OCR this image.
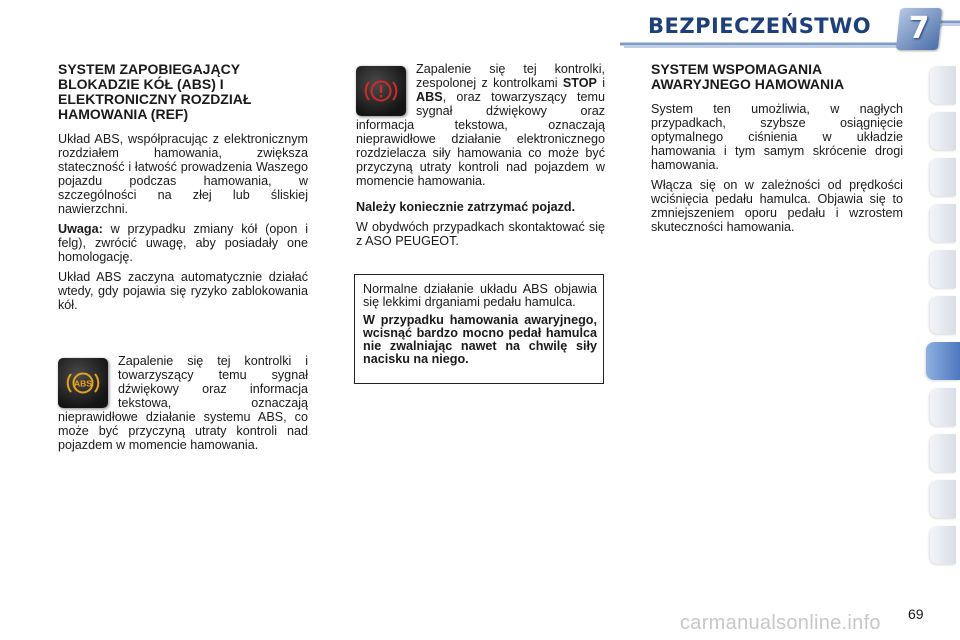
BEZPIECZEŃSTWO	7
SYSTEM ZAPOBIEGAJĄCY BLOKADZIE KÓŁ (ABS) I ELEKTRONICZNY ROZDZIAŁ HAMOWANIA (REF)

Układ ABS, współpracując z elektronicznym rozdziałem hamowania, zwiększa stateczność i łatwość prowadzenia Waszego pojazdu podczas hamowania, w szczególności na złej lub śliskiej nawierzchni.

Uwaga: w przypadku zmiany kół (opon i felg), zwrócić uwagę, aby posiadały one homologację.

Układ ABS zaczyna automatycznie działać wtedy, gdy pojawia się ryzyko zablokowania kół.

ABS

Zapalenie się tej kontrolki i towarzyszący temu sygnał dźwiękowy oraz informacja tekstowa, oznaczają nieprawidłowe działanie systemu ABS, co może być przyczyną utraty kontroli nad pojazdem w momencie hamowania.

Zapalenie się tej kontrolki, zespolonej z kontrolkami STOP i ABS, oraz towarzyszący temu sygnał dźwiękowy oraz informacja tekstowa, oznaczają nieprawidłowe działanie elektronicznego rozdzielacza siły hamowania co może być przyczyną utraty kontroli nad pojazdem w momencie hamowania.

Należy koniecznie zatrzymać pojazd.

W obydwóch przypadkach skontaktować się z ASO PEUGEOT.

Normalne działanie układu ABS objawia się lekkimi drganiami pedału hamulca.

W przypadku hamowania awaryjnego, wcisnąć bardzo mocno pedał hamulca nie zwalniając nawet na chwilę siły nacisku na niego.

SYSTEM WSPOMAGANIA AWARYJNEGO HAMOWANIA

System ten umożliwia, w nagłych przypadkach, szybsze osiągnięcie optymalnego ciśnienia w układzie hamowania i tym samym skrócenie drogi hamowania.

Włącza się on w zależności od prędkości wciśnięcia pedału hamulca. Objawia się to zmniejszeniem oporu pedału i wzrostem skuteczności hamowania.

carmanualsonline.info 69
